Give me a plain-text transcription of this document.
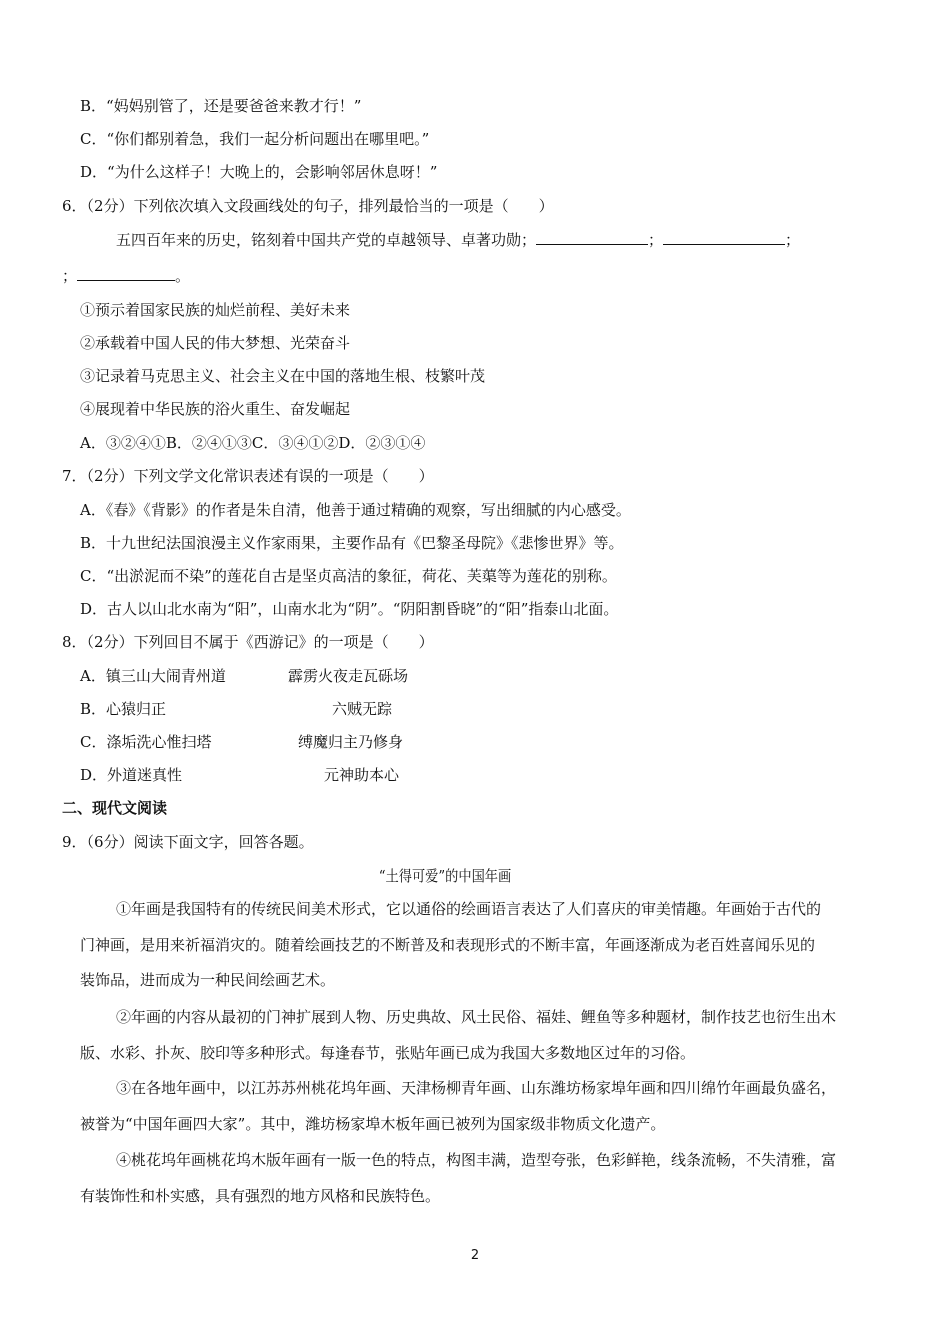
B．“妈妈别管了，还是要爸爸来教才行！”
C．“你们都别着急，我们一起分析问题出在哪里吧。”
D．“为什么这样子！大晚上的，会影响邻居休息呀！”
6．（2分）下列依次填入文段画线处的句子，排列最恰当的一项是（　　）
五四百年来的历史，铭刻着中国共产党的卓越领导、卓著功勋；	；	；
；	。
①预示着国家民族的灿烂前程、美好未来
②承载着中国人民的伟大梦想、光荣奋斗
③记录着马克思主义、社会主义在中国的落地生根、枝繁叶茂
④展现着中华民族的浴火重生、奋发崛起
A．③②④①B．②④①③C．③④①②D．②③①④
7．（2分）下列文学文化常识表述有误的一项是（　　）
A．《春》《背影》的作者是朱自清，他善于通过精确的观察，写出细腻的内心感受。
B．十九世纪法国浪漫主义作家雨果，主要作品有《巴黎圣母院》《悲惨世界》等。
C．“出淤泥而不染”的莲花自古是坚贞高洁的象征，荷花、芙蕖等为莲花的别称。
D．古人以山北水南为“阳”，山南水北为“阴”。“阴阳割昏晓”的“阳”指泰山北面。
8．（2分）下列回目不属于《西游记》的一项是（　　）
A．镇三山大闹青州道	霹雳火夜走瓦砾场
B．心猿归正	六贼无踪
C．涤垢洗心惟扫塔	缚魔归主乃修身
D．外道迷真性	元神助本心
二、现代文阅读
9．（6分）阅读下面文字，回答各题。
“土得可爱”的中国年画
①年画是我国特有的传统民间美术形式，它以通俗的绘画语言表达了人们喜庆的审美情趣。年画始于古代的
门神画，是用来祈福消灾的。随着绘画技艺的不断普及和表现形式的不断丰富，年画逐渐成为老百姓喜闻乐见的
装饰品，进而成为一种民间绘画艺术。
②年画的内容从最初的门神扩展到人物、历史典故、风土民俗、福娃、鲤鱼等多种题材，制作技艺也衍生出木
版、水彩、扑灰、胶印等多种形式。每逢春节，张贴年画已成为我国大多数地区过年的习俗。
③在各地年画中，以江苏苏州桃花坞年画、天津杨柳青年画、山东潍坊杨家埠年画和四川绵竹年画最负盛名，
被誉为“中国年画四大家”。其中，潍坊杨家埠木板年画已被列为国家级非物质文化遗产。
④桃花坞年画桃花坞木版年画有一版一色的特点，构图丰满，造型夸张，色彩鲜艳，线条流畅，不失清雅，富
有装饰性和朴实感，具有强烈的地方风格和民族特色。
2
